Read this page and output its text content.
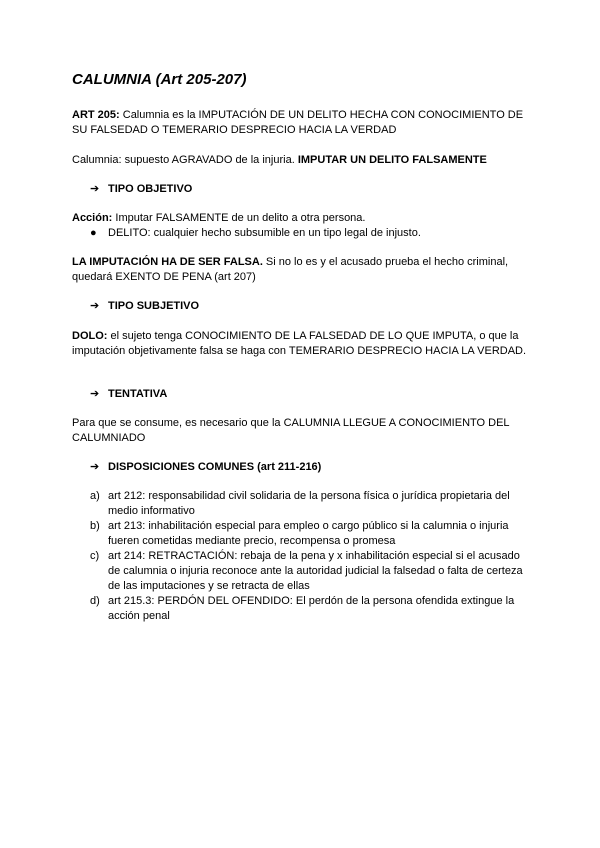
CALUMNIA (Art 205-207)
ART 205: Calumnia es la IMPUTACIÓN DE UN DELITO HECHA CON CONOCIMIENTO DE SU FALSEDAD O TEMERARIO DESPRECIO HACIA LA VERDAD
Calumnia: supuesto AGRAVADO de la injuria. IMPUTAR UN DELITO FALSAMENTE
➔ TIPO OBJETIVO
Acción: Imputar FALSAMENTE de un delito a otra persona.
● DELITO: cualquier hecho subsumible en un tipo legal de injusto.
LA IMPUTACIÓN HA DE SER FALSA. Si no lo es y el acusado prueba el hecho criminal, quedará EXENTO DE PENA (art 207)
➔ TIPO SUBJETIVO
DOLO: el sujeto tenga CONOCIMIENTO DE LA FALSEDAD DE LO QUE IMPUTA, o que la imputación objetivamente falsa se haga con TEMERARIO DESPRECIO HACIA LA VERDAD.
➔ TENTATIVA
Para que se consume, es necesario que la CALUMNIA LLEGUE A CONOCIMIENTO DEL CALUMNIADO
➔ DISPOSICIONES COMUNES (art 211-216)
a) art 212: responsabilidad civil solidaria de la persona física o jurídica propietaria del medio informativo
b) art 213: inhabilitación especial para empleo o cargo público si la calumnia o injuria fueren cometidas mediante precio, recompensa o promesa
c) art 214: RETRACTACIÓN: rebaja de la pena y x inhabilitación especial si el acusado de calumnia o injuria reconoce ante la autoridad judicial la falsedad o falta de certeza de las imputaciones y se retracta de ellas
d) art 215.3: PERDÓN DEL OFENDIDO: El perdón de la persona ofendida extingue la acción penal
